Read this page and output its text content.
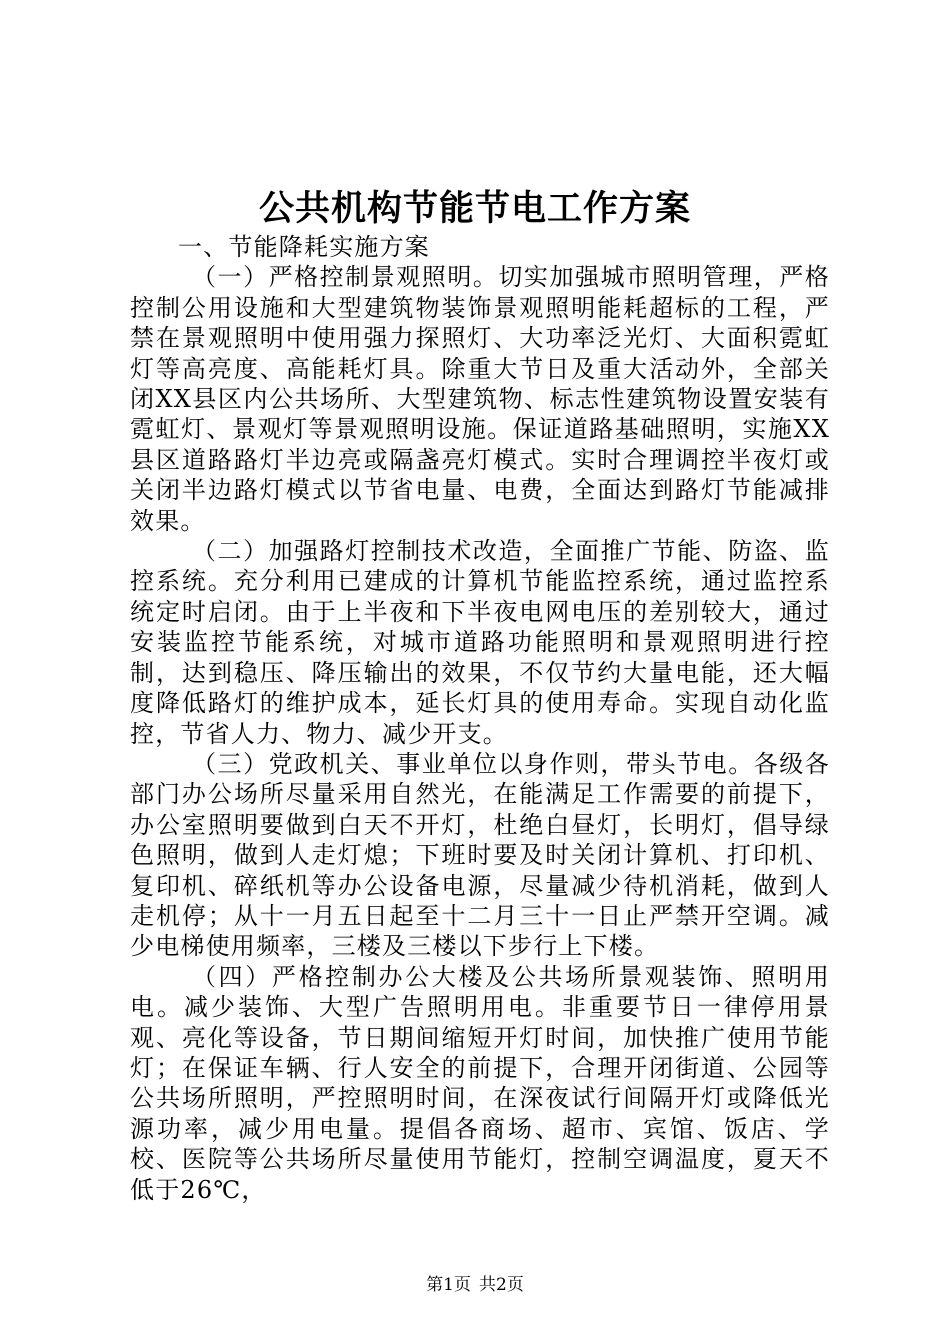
公共机构节能节电工作方案

一、节能降耗实施方案

（一）严格控制景观照明。切实加强城市照明管理，严格控制公用设施和大型建筑物装饰景观照明能耗超标的工程，严禁在景观照明中使用强力探照灯、大功率泛光灯、大面积霓虹灯等高亮度、高能耗灯具。除重大节日及重大活动外，全部关闭XX县区内公共场所、大型建筑物、标志性建筑物设置安装有霓虹灯、景观灯等景观照明设施。保证道路基础照明，实施XX县区道路路灯半边亮或隔盏亮灯模式。实时合理调控半夜灯或关闭半边路灯模式以节省电量、电费，全面达到路灯节能减排效果。

（二）加强路灯控制技术改造，全面推广节能、防盗、监控系统。充分利用已建成的计算机节能监控系统，通过监控系统定时启闭。由于上半夜和下半夜电网电压的差别较大，通过安装监控节能系统，对城市道路功能照明和景观照明进行控制，达到稳压、降压输出的效果，不仅节约大量电能，还大幅度降低路灯的维护成本，延长灯具的使用寿命。实现自动化监控，节省人力、物力、减少开支。

（三）党政机关、事业单位以身作则，带头节电。各级各部门办公场所尽量采用自然光，在能满足工作需要的前提下，办公室照明要做到白天不开灯，杜绝白昼灯，长明灯，倡导绿色照明，做到人走灯熄；下班时要及时关闭计算机、打印机、复印机、碎纸机等办公设备电源，尽量减少待机消耗，做到人走机停；从十一月五日起至十二月三十一日止严禁开空调。减少电梯使用频率，三楼及三楼以下步行上下楼。

（四）严格控制办公大楼及公共场所景观装饰、照明用电。减少装饰、大型广告照明用电。非重要节日一律停用景观、亮化等设备，节日期间缩短开灯时间，加快推广使用节能灯；在保证车辆、行人安全的前提下，合理开闭街道、公园等公共场所照明，严控照明时间，在深夜试行间隔开灯或降低光源功率，减少用电量。提倡各商场、超市、宾馆、饭店、学校、医院等公共场所尽量使用节能灯，控制空调温度，夏天不低于26℃，

第1页 共2页
